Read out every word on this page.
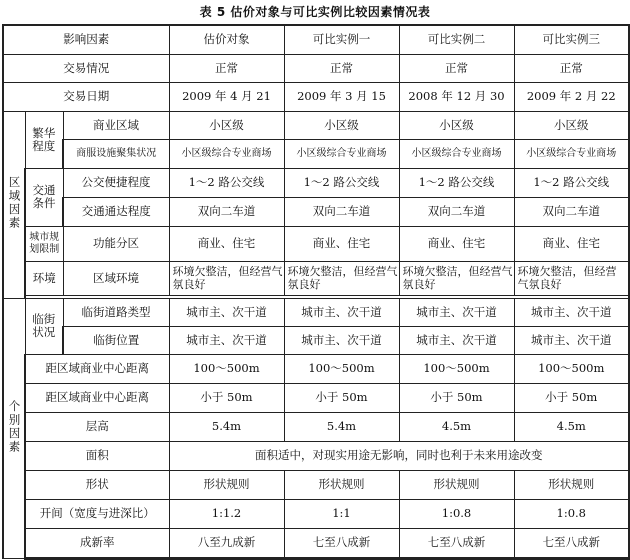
表 5 估价对象与可比实例比较因素情况表
影响因素			估价对象	可比实例一	可比实例二	可比实例三
交易情况			正常	正常	正常	正常
交易日期			2009 年 4 月 21	2009 年 3 月 15	2008 年 12 月 30	2009 年 2 月 22
区域因素	繁华程度	商业区域	小区级	小区级	小区级	小区级
		商服设施聚集状况	小区级综合专业商场	小区级综合专业商场	小区级综合专业商场	小区级综合专业商场
	交通条件	公交便捷程度	1～2 路公交线	1～2 路公交线	1～2 路公交线	1～2 路公交线
		交通通达程度	双向二车道	双向二车道	双向二车道	双向二车道
	城市规划限制	功能分区	商业、住宅	商业、住宅	商业、住宅	商业、住宅
	环境	区域环境	环境欠整洁，但经营气氛良好	环境欠整洁，但经营气氛良好	环境欠整洁，但经营气氛良好	环境欠整洁，但经营气氛良好

个别因素	临街状况	临街道路类型	城市主、次干道	城市主、次干道	城市主、次干道	城市主、次干道
		临街位置	城市主、次干道	城市主、次干道	城市主、次干道	城市主、次干道
	距区域商业中心距离		100～500m	100～500m	100～500m	100～500m
	距区域商业中心距离		小于 50m	小于 50m	小于 50m	小于 50m
	层高		5.4m	5.4m	4.5m	4.5m
	面积		面积适中，对现实用途无影响，同时也利于未来用途改变			
	形状		形状规则	形状规则	形状规则	形状规则
	开间（宽度与进深比）		1:1.2	1:1	1:0.8	1:0.8
	成新率		八至九成新	七至八成新	七至八成新	七至八成新
